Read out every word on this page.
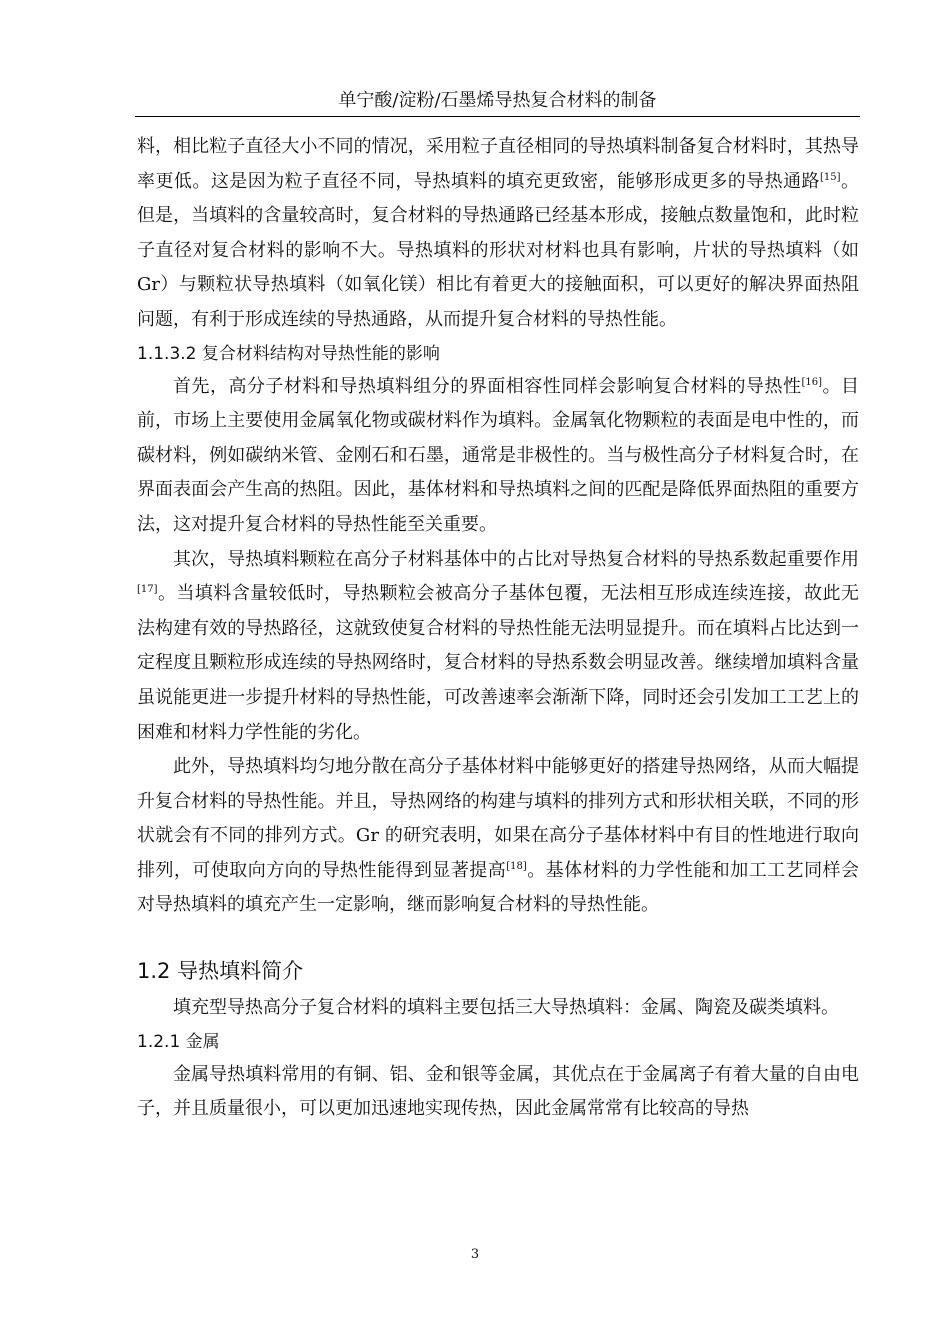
单宁酸/淀粉/石墨烯导热复合材料的制备

料，相比粒子直径大小不同的情况，采用粒子直径相同的导热填料制备复合材料时，其热导率更低。这是因为粒子直径不同，导热填料的填充更致密，能够形成更多的导热通路[15]。但是，当填料的含量较高时，复合材料的导热通路已经基本形成，接触点数量饱和，此时粒子直径对复合材料的影响不大。导热填料的形状对材料也具有影响，片状的导热填料（如 Gr）与颗粒状导热填料（如氧化镁）相比有着更大的接触面积，可以更好的解决界面热阻问题，有利于形成连续的导热通路，从而提升复合材料的导热性能。

1.1.3.2 复合材料结构对导热性能的影响

首先，高分子材料和导热填料组分的界面相容性同样会影响复合材料的导热性[16]。目前，市场上主要使用金属氧化物或碳材料作为填料。金属氧化物颗粒的表面是电中性的，而碳材料，例如碳纳米管、金刚石和石墨，通常是非极性的。当与极性高分子材料复合时，在界面表面会产生高的热阻。因此，基体材料和导热填料之间的匹配是降低界面热阻的重要方法，这对提升复合材料的导热性能至关重要。

其次，导热填料颗粒在高分子材料基体中的占比对导热复合材料的导热系数起重要作用[17]。当填料含量较低时，导热颗粒会被高分子基体包覆，无法相互形成连续连接，故此无法构建有效的导热路径，这就致使复合材料的导热性能无法明显提升。而在填料占比达到一定程度且颗粒形成连续的导热网络时，复合材料的导热系数会明显改善。继续增加填料含量虽说能更进一步提升材料的导热性能，可改善速率会渐渐下降，同时还会引发加工工艺上的困难和材料力学性能的劣化。

此外，导热填料均匀地分散在高分子基体材料中能够更好的搭建导热网络，从而大幅提升复合材料的导热性能。并且，导热网络的构建与填料的排列方式和形状相关联，不同的形状就会有不同的排列方式。Gr 的研究表明，如果在高分子基体材料中有目的性地进行取向排列，可使取向方向的导热性能得到显著提高[18]。基体材料的力学性能和加工工艺同样会对导热填料的填充产生一定影响，继而影响复合材料的导热性能。

1.2 导热填料简介

填充型导热高分子复合材料的填料主要包括三大导热填料：金属、陶瓷及碳类填料。

1.2.1 金属

金属导热填料常用的有铜、铝、金和银等金属，其优点在于金属离子有着大量的自由电子，并且质量很小，可以更加迅速地实现传热，因此金属常常有比较高的导热

3
